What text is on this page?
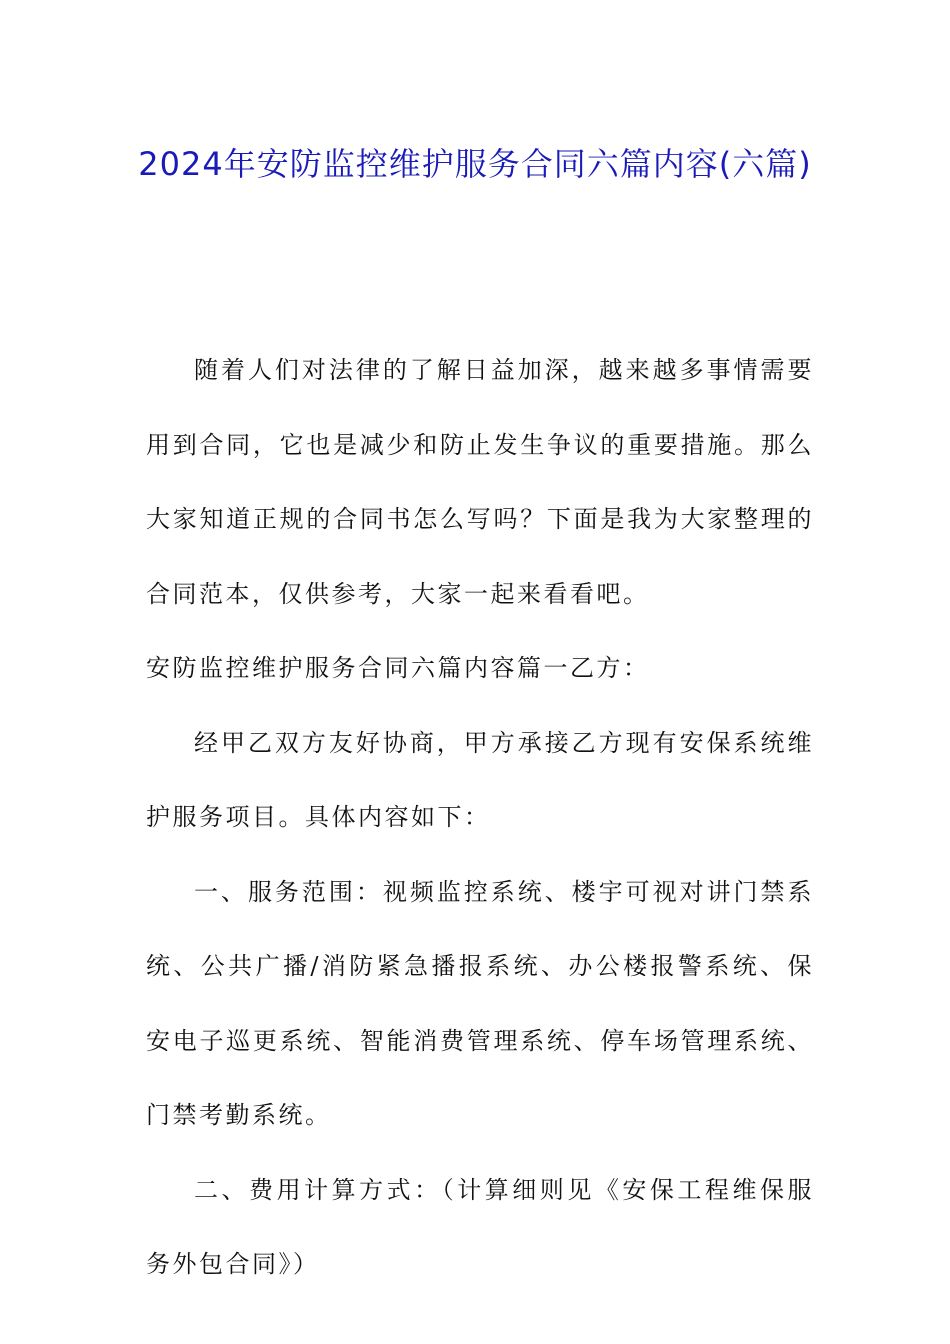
2024年安防监控维护服务合同六篇内容(六篇)

随着人们对法律的了解日益加深，越来越多事情需要用到合同，它也是减少和防止发生争议的重要措施。那么大家知道正规的合同书怎么写吗？下面是我为大家整理的合同范本，仅供参考，大家一起来看看吧。

安防监控维护服务合同六篇内容篇一乙方：

经甲乙双方友好协商，甲方承接乙方现有安保系统维护服务项目。具体内容如下：

一、服务范围：视频监控系统、楼宇可视对讲门禁系统、公共广播/消防紧急播报系统、办公楼报警系统、保安电子巡更系统、智能消费管理系统、停车场管理系统、门禁考勤系统。

二、费用计算方式：（计算细则见《安保工程维保服务外包合同》）
